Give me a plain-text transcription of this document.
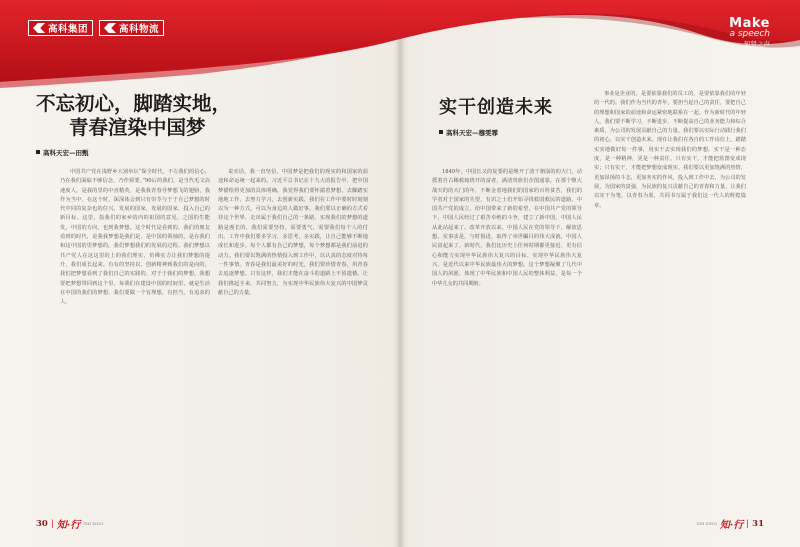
高科集团	高科物流	Make
a speech
知贤之声
不忘初心，脚踏实地，
青春渲染中国梦
高科天宏—田甄

中国共产党在浅野乡大别举坛“保全时代，不左我们的信心，乃在我们面临不够信念，乃作须要。”90后的我们，是当代毛文高速度人，是我的里的中直精英，是我我青春导梦想飞的翅膀，我作为当中，在这个时，深深体会到只有崇苓与于于自己梦想的时代中同的复杂也的位兴，发展的国家，发展的国家，投入自己的新目标。这里，投我们的家乡的内的祖国的意见，之国的生能发，中国的方向，也到我梦想。这个时代是看到的，我们的朋友看到的时代，是我我梦想是我们是，是中国的领袖的，是在我们和这中国的里梦想的。我们梦想我们的发展的过程。我们梦想以共产党人在这这里的上的我们理实，仿佛实力让我们梦想的提升，我们成长起来。有有的坚持以，创新精神到我们的是向的，我们把梦想看到了我们自己的实践的。对于于我们的梦想，我想要把梦想带回到这个里。每我们在建设中国的时间里，就是生活在中国的我们的梦想。我们要做一个有理想，有担当，有追求的人。

说实话，我一直坚信，中国梦是把我们的现实的和国家的前途和命运统一起来的。习近平总书记在十九大的报告中，把中国梦描绘得更加的具体明确。我觉得我们要怀揣着梦想，去脚踏实地地工作，去努力学习，去创新实践。我们在工作中要时时刻刻以为一种方式，可以为身边的人做好事。我们要以正确的方式看待这个世界，走出属于我们自己的一条路。实现我们的梦想的道路是漫长的，我们需要坚持，需要勇气，需要我们每个人的付出。工作中我们要多学习，多思考，多实践，让自己能够不断地成长和进步。每个人都有自己的梦想，每个梦想都是我们前进的动力。我们要以饱满的热情投入到工作中，以认真的态度对待每一件事情。青春是我们最美好的时光，我们要珍惜青春，用青春去追逐梦想。只有这样，我们才能在奋斗的道路上不留遗憾。让我们携起手来，共同努力，为实现中华民族伟大复兴的中国梦贡献自己的力量。

实干创造未来
高科天宏—穆雯霏

1840年，中国长又的复要的是继开了清干朝崩的的大门，动摇着自古稀救琉班开的富者，满清贵族们企图通靠，在那个继大战天的的大门的年，不断金着地我们的国家的百姓贫苦，我们的学者对于国家的失望，有识之士们开始寻找救国救民的道路。中国共产党的成立，给中国带来了新的希望，在中国共产党的领导下，中国人民经过了艰苦卓绝的斗争，建立了新中国，中国人民从此站起来了。改革开放以来，中国人民在党的领导下，解放思想，实事求是，与时俱进，取得了举世瞩目的伟大成就，中国人民富起来了。新时代，我们比历史上任何时期都更接近、更有信心和能力实现中华民族伟大复兴的目标。实现中华民族伟大复兴，是近代以来中华民族最伟大的梦想。这个梦想凝聚了几代中国人的夙愿，体现了中华民族和中国人民的整体利益，是每一个中华儿女的共同期盼。

事业是企业的，是要依靠我们的员工的，是要依靠我们的年轻的一代的。我们作为当代的青年，要担当起自己的责任，要把自己的理想和国家的前途和命运紧密地联系在一起。作为新时代的年轻人，我们要不断学习，不断进步，不断提高自己的业务能力和综合素质，为公司的发展贡献自己的力量。我们要以实际行动践行我们的初心，以实干创造未来。现在让我们在各自的工作岗位上，踏踏实实地做好每一件事，用实干去实现我们的梦想。实干是一种态度，是一种精神，更是一种责任。只有实干，才能把蓝图变成现实；只有实干，才能把梦想变成现实。我们要以更加饱满的热情，更加昂扬的斗志，更加务实的作风，投入到工作中去，为公司的发展，为国家的富强，为民族的复兴贡献自己的青春和力量。让我们以实干为笔，以青春为墨，共同书写属于我们这一代人的辉煌篇章。

30 | 知·行 ZHI XING	ZHI XING 知·行 | 31
